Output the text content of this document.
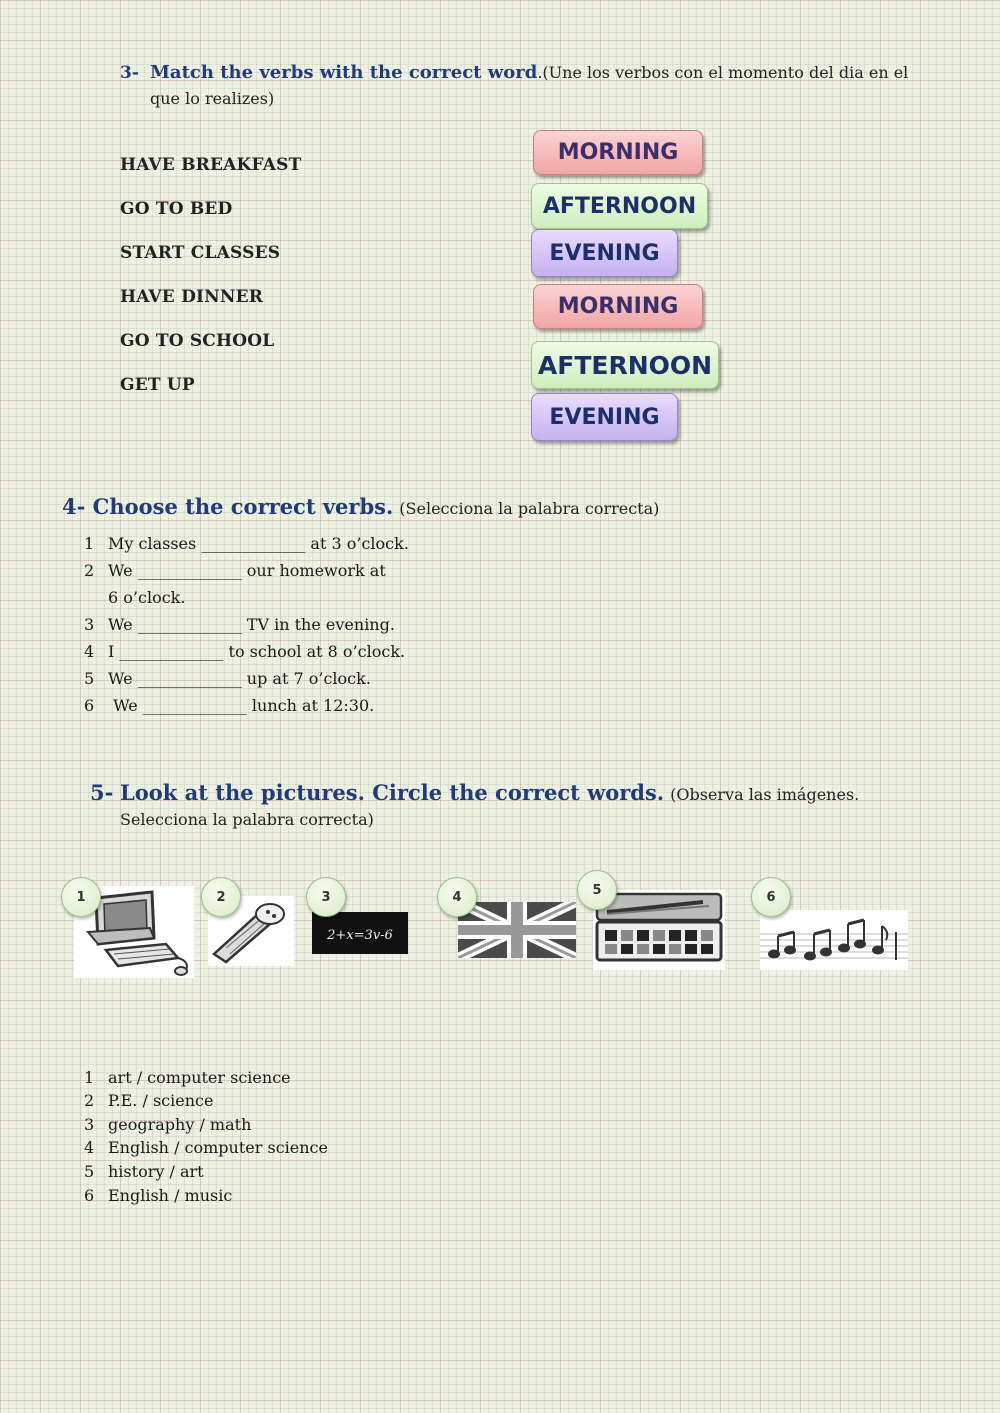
3- Match the verbs with the correct word.(Une los verbos con el momento del dia en el
que lo realizes)
HAVE BREAKFAST
GO TO BED
START CLASSES
HAVE DINNER
GO TO SCHOOL
GET UP
MORNING
AFTERNOON
EVENING
MORNING
AFTERNOON
EVENING
4- Choose the correct verbs. (Selecciona la palabra correcta)
1 My classes _____________ at 3 o’clock.
2 We _____________ our homework at
6 o’clock.
3 We _____________ TV in the evening.
4 I _____________ to school at 8 o’clock.
5 We _____________ up at 7 o’clock.
6 We _____________ lunch at 12:30.
5- Look at the pictures. Circle the correct words. (Observa las imágenes.
Selecciona la palabra correcta)
2+x=3v-6
1	2	3	4	5	6
1 art / computer science
2 P.E. / science
3 geography / math
4 English / computer science
5 history / art
6 English / music
